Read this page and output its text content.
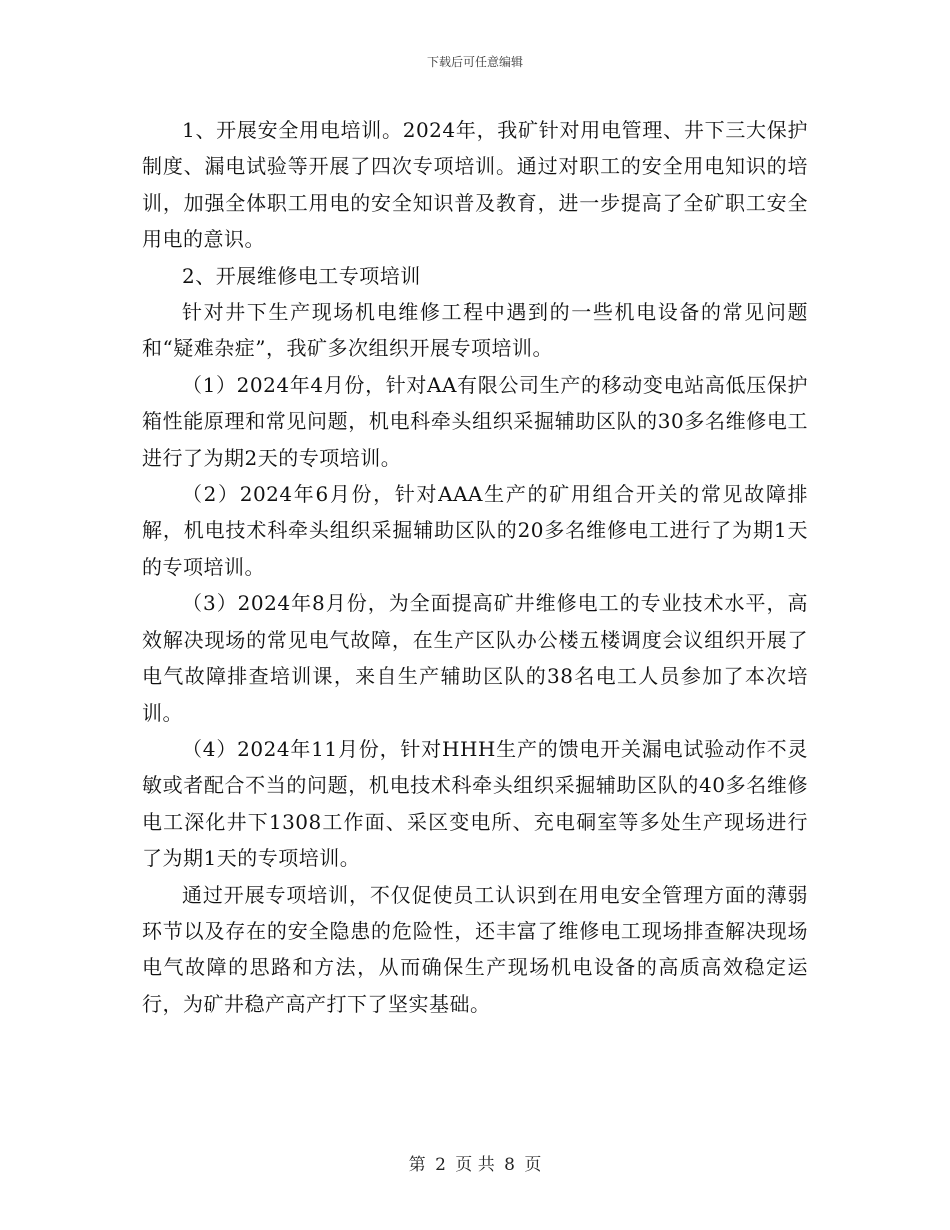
下载后可任意编辑

1、开展安全用电培训。2024年，我矿针对用电管理、井下三大保护制度、漏电试验等开展了四次专项培训。通过对职工的安全用电知识的培训，加强全体职工用电的安全知识普及教育，进一步提高了全矿职工安全用电的意识。

2、开展维修电工专项培训

针对井下生产现场机电维修工程中遇到的一些机电设备的常见问题和“疑难杂症”，我矿多次组织开展专项培训。

（1）2024年4月份，针对AA有限公司生产的移动变电站高低压保护箱性能原理和常见问题，机电科牵头组织采掘辅助区队的30多名维修电工进行了为期2天的专项培训。

（2）2024年6月份，针对AAA生产的矿用组合开关的常见故障排解，机电技术科牵头组织采掘辅助区队的20多名维修电工进行了为期1天的专项培训。

（3）2024年8月份，为全面提高矿井维修电工的专业技术水平，高效解决现场的常见电气故障，在生产区队办公楼五楼调度会议组织开展了电气故障排查培训课，来自生产辅助区队的38名电工人员参加了本次培训。

（4）2024年11月份，针对HHH生产的馈电开关漏电试验动作不灵敏或者配合不当的问题，机电技术科牵头组织采掘辅助区队的40多名维修电工深化井下1308工作面、采区变电所、充电硐室等多处生产现场进行了为期1天的专项培训。

通过开展专项培训，不仅促使员工认识到在用电安全管理方面的薄弱环节以及存在的安全隐患的危险性，还丰富了维修电工现场排查解决现场电气故障的思路和方法，从而确保生产现场机电设备的高质高效稳定运行，为矿井稳产高产打下了坚实基础。

第 2 页 共 8 页
